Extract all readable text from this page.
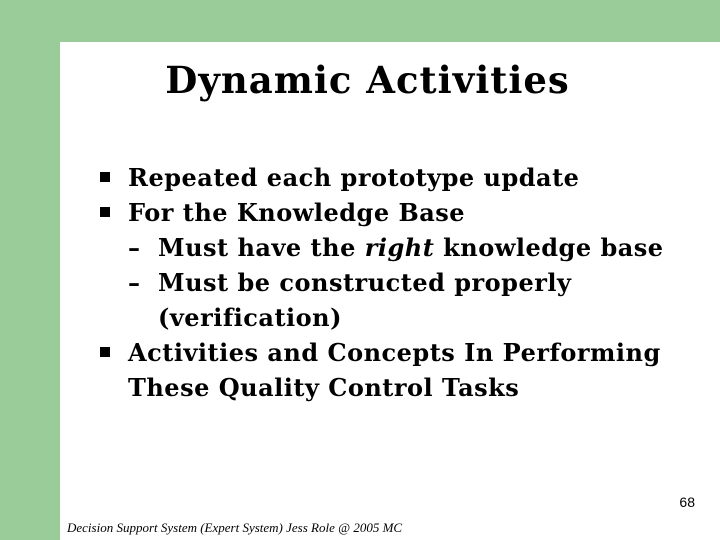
Dynamic Activities
Repeated each prototype update
For the Knowledge Base
– Must have the right knowledge base
– Must be constructed properly (verification)
Activities and Concepts In Performing These Quality Control Tasks
68
Decision Support System (Expert System) Jess Role @ 2005 MC
